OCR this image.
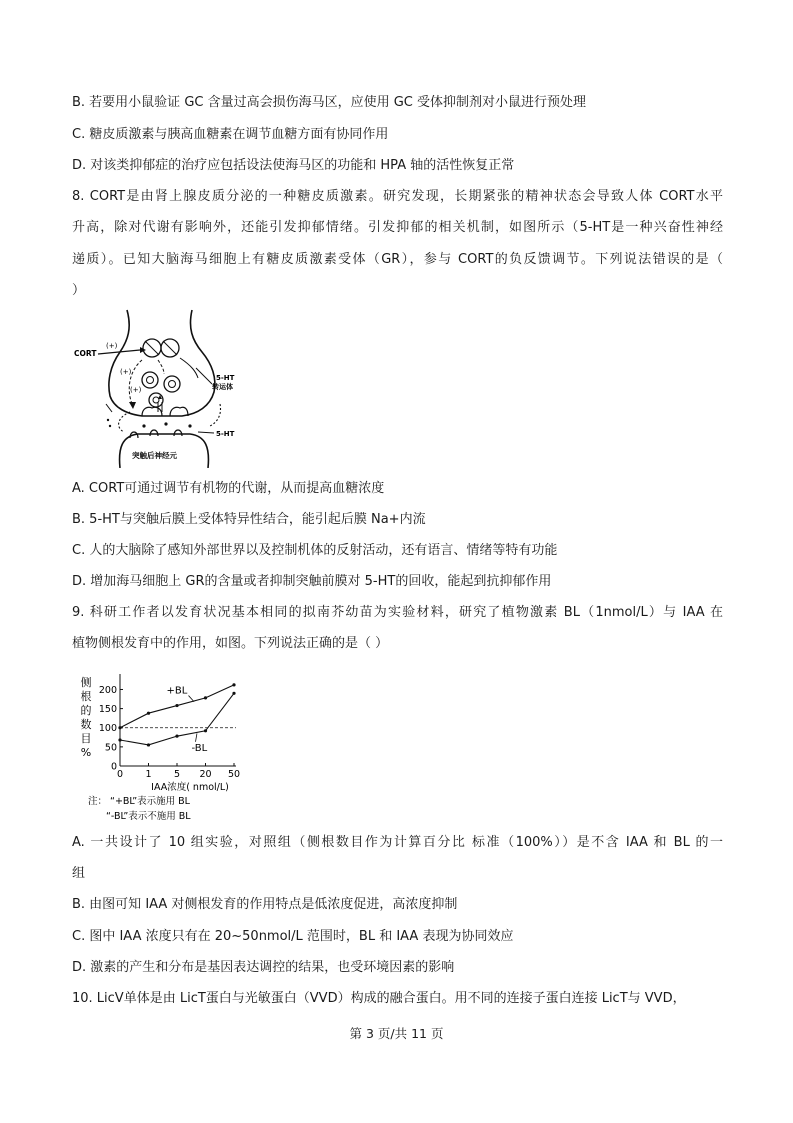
B. 若要用小鼠验证 GC 含量过高会损伤海马区，应使用 GC 受体抑制剂对小鼠进行预处理
C. 糖皮质激素与胰高血糖素在调节血糖方面有协同作用
D. 对该类抑郁症的治疗应包括设法使海马区的功能和 HPA 轴的活性恢复正常
8. CORT是由肾上腺皮质分泌的一种糖皮质激素。研究发现，长期紧张的精神状态会导致人体 CORT水平
升高，除对代谢有影响外，还能引发抑郁情绪。引发抑郁的相关机制，如图所示（5-HT是一种兴奋性神经
递质）。已知大脑海马细胞上有糖皮质激素受体（GR），参与 CORT的负反馈调节。下列说法错误的是（
）
CORT
(+)
(+)
(+)
5-HT
转运体
5-HT
突触后神经元
A. CORT可通过调节有机物的代谢，从而提高血糖浓度
B. 5-HT与突触后膜上受体特异性结合，能引起后膜 Na+内流
C. 人的大脑除了感知外部世界以及控制机体的反射活动，还有语言、情绪等特有功能
D. 增加海马细胞上 GR的含量或者抑制突触前膜对 5-HT的回收，能起到抗抑郁作用
9. 科研工作者以发育状况基本相同的拟南芥幼苗为实验材料，研究了植物激素 BL（1nmol/L）与 IAA 在
植物侧根发育中的作用，如图。下列说法正确的是（ ）
侧
根
的
数
目
%
0
50
100
150
200
0 1 5 20 50
+BL
-BL
IAA浓度( nmol/L)
注： “+BL”表示施用 BL
“-BL”表示不施用 BL
A. 一共设计了 10 组实验，对照组（侧根数目作为计算百分比 标准（100%））是不含 IAA 和 BL 的一
组
B. 由图可知 IAA 对侧根发育的作用特点是低浓度促进，高浓度抑制
C. 图中 IAA 浓度只有在 20~50nmol/L 范围时，BL 和 IAA 表现为协同效应
D. 激素的产生和分布是基因表达调控的结果，也受环境因素的影响
10. LicV单体是由 LicT蛋白与光敏蛋白（VVD）构成的融合蛋白。用不同的连接子蛋白连接 LicT与 VVD，
第 3 页/共 11 页
